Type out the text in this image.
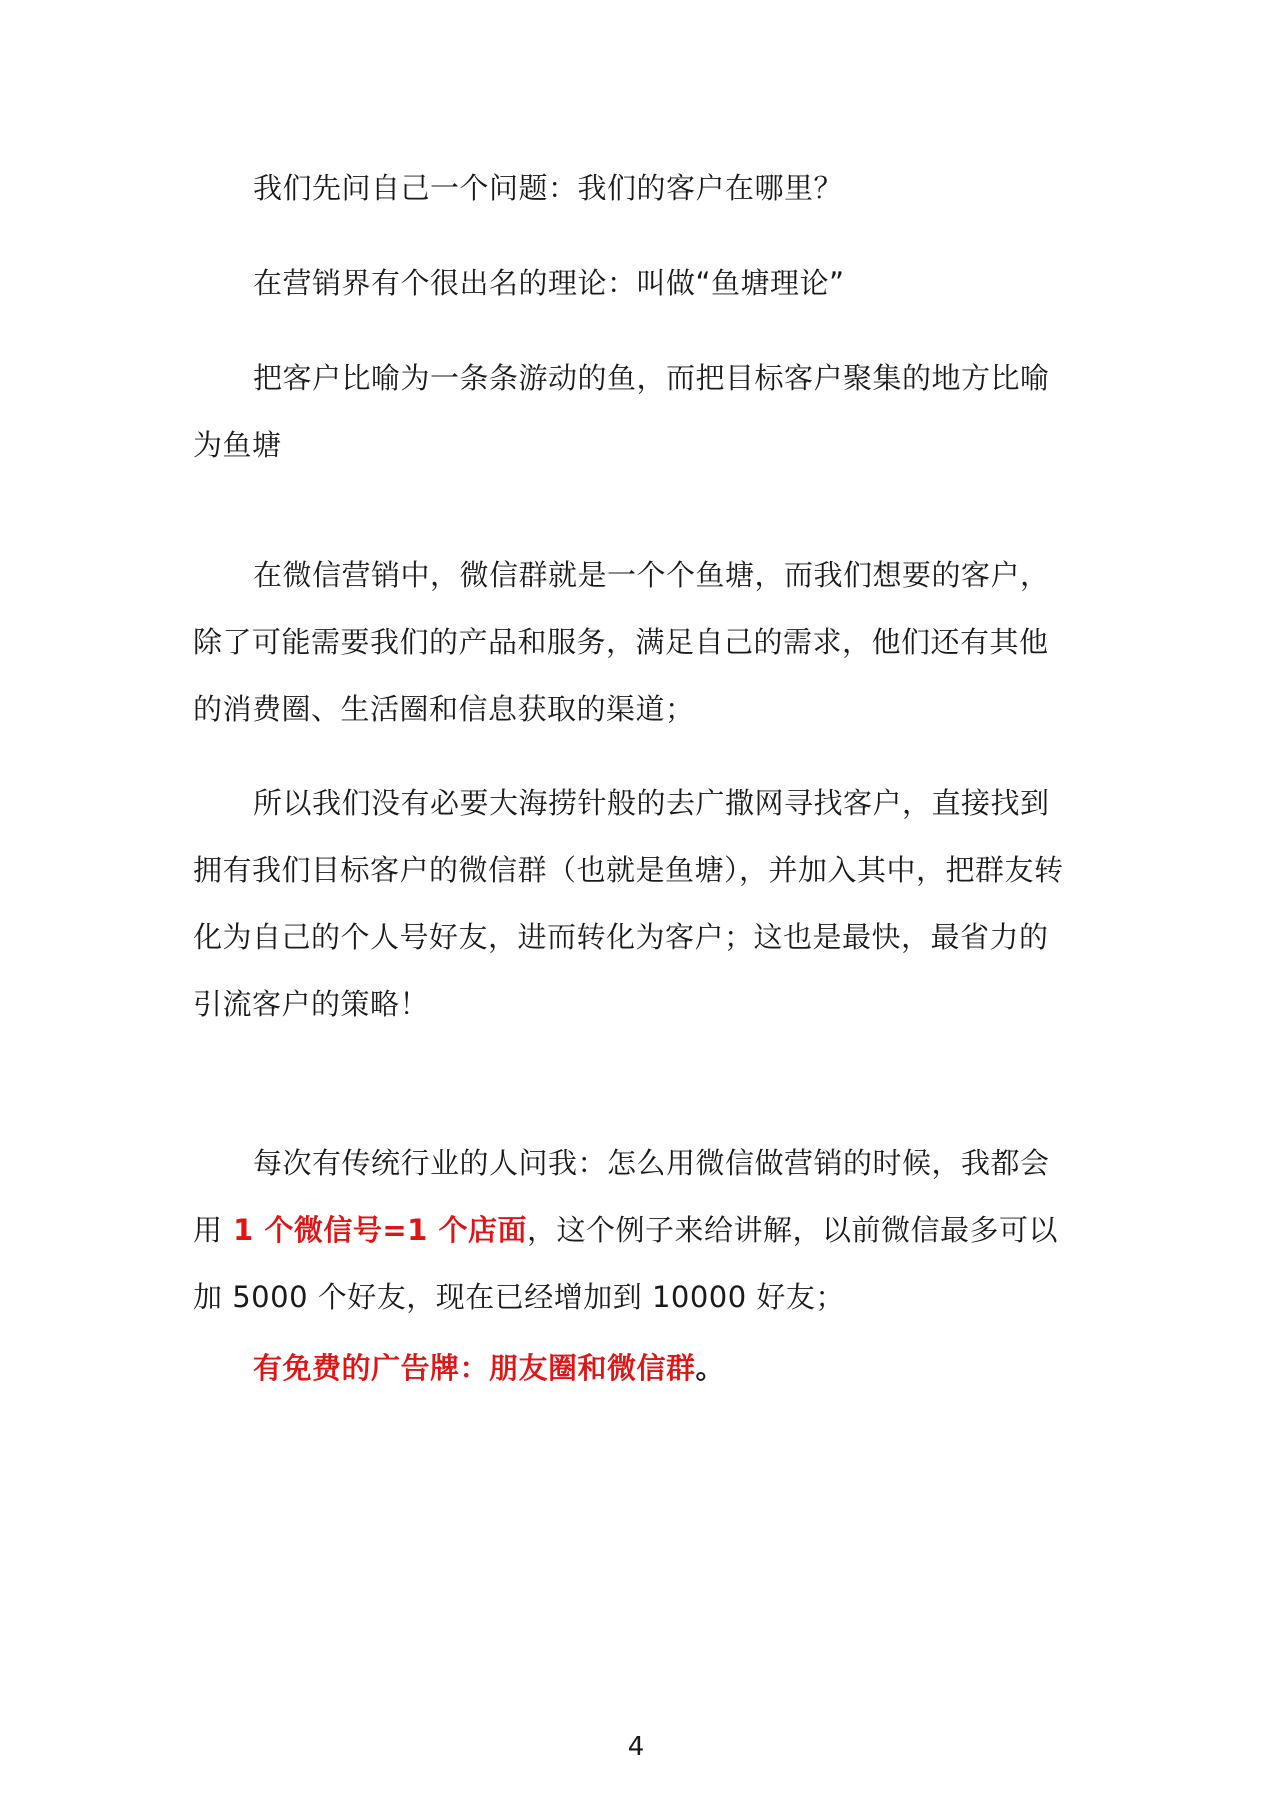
我们先问自己一个问题：我们的客户在哪里？

在营销界有个很出名的理论：叫做“鱼塘理论”

把客户比喻为一条条游动的鱼，而把目标客户聚集的地方比喻为鱼塘

在微信营销中，微信群就是一个个鱼塘，而我们想要的客户，除了可能需要我们的产品和服务，满足自己的需求，他们还有其他的消费圈、生活圈和信息获取的渠道；

所以我们没有必要大海捞针般的去广撒网寻找客户，直接找到拥有我们目标客户的微信群（也就是鱼塘），并加入其中，把群友转化为自己的个人号好友，进而转化为客户；这也是最快，最省力的引流客户的策略！

每次有传统行业的人问我：怎么用微信做营销的时候，我都会用 1 个微信号=1 个店面，这个例子来给讲解，以前微信最多可以加 5000 个好友，现在已经增加到 10000 好友；

有免费的广告牌：朋友圈和微信群。

4
